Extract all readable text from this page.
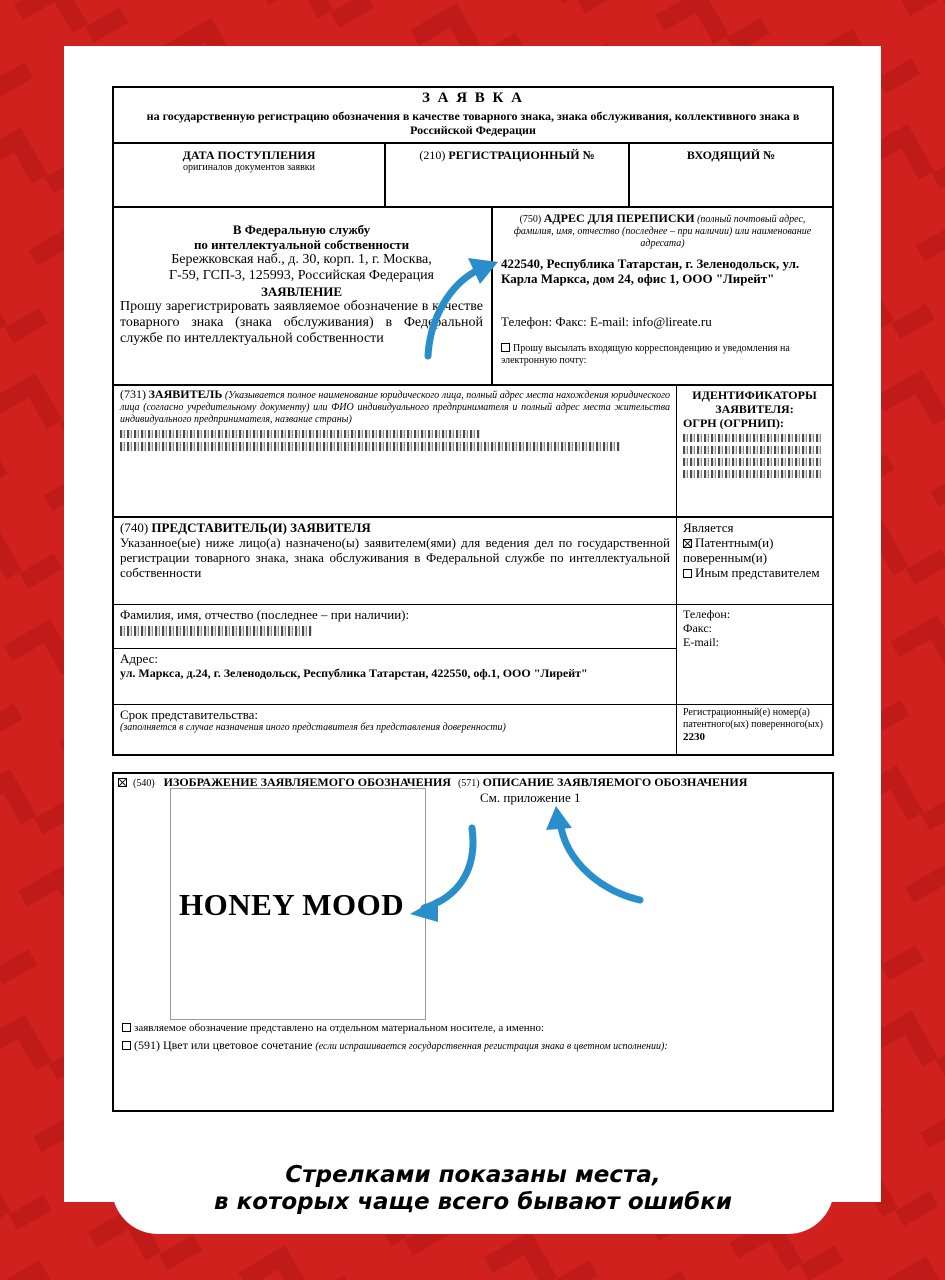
З А Я В К А
на государственную регистрацию обозначения в качестве товарного знака, знака обслуживания, коллективного знака в Российской Федерации
ДАТА ПОСТУПЛЕНИЯ
оригиналов документов заявки
(210) РЕГИСТРАЦИОННЫЙ №	ВХОДЯЩИЙ №
В Федеральную службу
по интеллектуальной собственности
Бережковская наб., д. 30, корп. 1, г. Москва,
Г-59, ГСП-3, 125993, Российская Федерация
ЗАЯВЛЕНИЕ
Прошу зарегистрировать заявляемое обозначение в качестве товарного знака (знака обслуживания) в Федеральной службе по интеллектуальной собственности
(750) АДРЕС ДЛЯ ПЕРЕПИСКИ (полный почтовый адрес, фамилия, имя, отчество (последнее – при наличии) или наименование адресата)
422540, Республика Татарстан, г. Зеленодольск, ул. Карла Маркса, дом 24, офис 1, ООО "Лирейт"
Телефон: Факс: E-mail: info@lireate.ru
Прошу высылать входящую корреспонденцию и уведомления на электронную почту:
(731) ЗАЯВИТЕЛЬ (Указывается полное наименование юридического лица, полный адрес места нахождения юридического лица (согласно учредительному документу) или ФИО индивидуального предпринимателя и полный адрес места жительства индивидуального предпринимателя, название страны)
ИДЕНТИФИКАТОРЫ ЗАЯВИТЕЛЯ:
ОГРН (ОГРНИП):
(740) ПРЕДСТАВИТЕЛЬ(И) ЗАЯВИТЕЛЯ
Указанное(ые) ниже лицо(а) назначено(ы) заявителем(ями) для ведения дел по государственной регистрации товарного знака, знака обслуживания в Федеральной службе по интеллектуальной собственности
Является
Патентным(и) поверенным(и)
Иным представителем
Фамилия, имя, отчество (последнее – при наличии):	Телефон:
Факс:
E-mail:
Адрес:
ул. Маркса, д.24, г. Зеленодольск, Республика Татарстан, 422550, оф.1, ООО "Лирейт"
Срок представительства:
(заполняется в случае назначения иного представителя без представления доверенности)
Регистрационный(е) номер(а) патентного(ых) поверенного(ых)
2230
(540) ИЗОБРАЖЕНИЕ ЗАЯВЛЯЕМОГО ОБОЗНАЧЕНИЯ (571) ОПИСАНИЕ ЗАЯВЛЯЕМОГО ОБОЗНАЧЕНИЯ
См. приложение 1
HONEY MOOD
заявляемое обозначение представлено на отдельном материальном носителе, а именно:
(591) Цвет или цветовое сочетание (если испрашивается государственная регистрация знака в цветном исполнении):
Стрелками показаны места,
в которых чаще всего бывают ошибки
